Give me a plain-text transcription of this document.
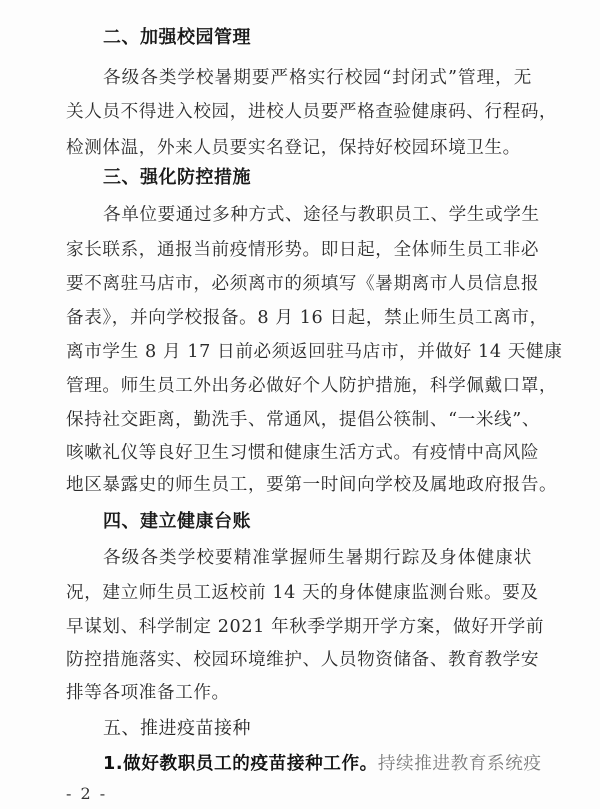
二、加强校园管理
各级各类学校暑期要严格实行校园“封闭式”管理，无
关人员不得进入校园，进校人员要严格查验健康码、行程码，
检测体温，外来人员要实名登记，保持好校园环境卫生。
三、强化防控措施
各单位要通过多种方式、途径与教职员工、学生或学生
家长联系，通报当前疫情形势。即日起，全体师生员工非必
要不离驻马店市，必须离市的须填写《暑期离市人员信息报
备表》，并向学校报备。8 月 16 日起，禁止师生员工离市，
离市学生 8 月 17 日前必须返回驻马店市，并做好 14 天健康
管理。师生员工外出务必做好个人防护措施，科学佩戴口罩，
保持社交距离，勤洗手、常通风，提倡公筷制、“一米线”、
咳嗽礼仪等良好卫生习惯和健康生活方式。有疫情中高风险
地区暴露史的师生员工，要第一时间向学校及属地政府报告。
四、建立健康台账
各级各类学校要精准掌握师生暑期行踪及身体健康状
况，建立师生员工返校前 14 天的身体健康监测台账。要及
早谋划、科学制定 2021 年秋季学期开学方案，做好开学前
防控措施落实、校园环境维护、人员物资储备、教育教学安
排等各项准备工作。
五、推进疫苗接种
1.做好教职员工的疫苗接种工作。持续推进教育系统疫
- 2 -
